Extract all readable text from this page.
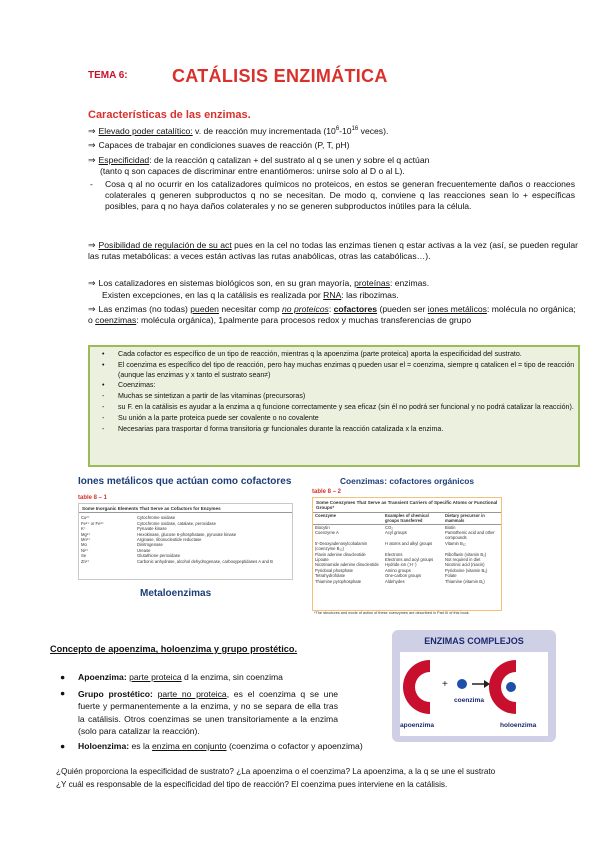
TEMA 6: CATÁLISIS ENZIMÁTICA
Características de las enzimas.
⇒ Elevado poder catalítico: v. de reacción muy incrementada ($10^6-10^{16}$ veces).
⇒ Capaces de trabajar en condiciones suaves de reacción (P, T, pH)
⇒ Especificidad: de la reacción q catalizan + del sustrato al q se unen y sobre el q actúan
(tanto q son capaces de discriminar entre enantiómeros: unirse solo al D o al L).
- Cosa q al no ocurrir en los catalizadores químicos no proteicos, en estos se generan frecuentemente daños o reacciones colaterales q generen subproductos q no se necesitan. De modo q, conviene q las reacciones sean lo + específicas posibles, para q no haya daños colaterales y no se generen subproductos inútiles para la célula.
⇒ Posibilidad de regulación de su act pues en la cel no todas las enzimas tienen q estar activas a la vez (así, se pueden regular las rutas metabólicas: a veces están activas las rutas anabólicas, otras las catabólicas…).
⇒ Los catalizadores en sistemas biológicos son, en su gran mayoría, proteínas: enzimas.
Existen excepciones, en las q la catálisis es realizada por RNA: las ribozimas.
⇒ Las enzimas (no todas) pueden necesitar comp no proteicos: cofactores (pueden ser iones metálicos: molécula no orgánica; o coenzimas: molécula orgánica), 1palmente para procesos redox y muchas transferencias de grupo
• Cada cofactor es específico de un tipo de reacción, mientras q la apoenzima (parte proteica) aporta la especificidad del sustrato.
• El coenzima es específico del tipo de reacción, pero hay muchas enzimas q pueden usar el = coenzima, siempre q catalicen el = tipo de reacción (aunque las enzimas y x tanto el sustrato sean≠)
• Coenzimas:
- Muchas se sintetizan a partir de las vitaminas (precursoras)
- su F. en la catálisis es ayudar a la enzima a q funcione correctamente y sea eficaz (sin él no podrá ser funcional y no podrá catalizar la reacción).
- Su unión a la parte proteica puede ser covalente o no covalente
- Necesarias para trasportar d forma transitoria gr funcionales durante la reacción catalizada x la enzima.
Iones metálicos que actúan como cofactores
table 8 – 1
Some Inorganic Elements That Serve as Cofactors for Enzymes
Cu²⁺	Cytochrome oxidase
Fe²⁺ or Fe³⁺	Cytochrome oxidase, catalase, peroxidase
K⁺	Pyruvate kinase
Mg²⁺	Hexokinase, glucose 6-phosphatase, pyruvate kinase
Mn²⁺	Arginase, ribonucleotide reductase
Mo	Dinitrogenase
Ni²⁺	Urease
Se	Glutathione peroxidase
Zn²⁺	Carbonic anhydrase, alcohol dehydrogenase, carboxypeptidases A and B
Metaloenzimas
Coenzimas: cofactores orgánicos
table 8 – 2
Some Coenzymes That Serve as Transient Carriers of Specific Atoms or Functional Groups*
Coenzyme	Examples of chemical groups transferred	Dietary precursor in mammals
Biocytin	CO₂	Biotin
Coenzyme A	Acyl groups	Pantothenic acid and other compounds
5'-Deoxyadenosylcobalamin (coenzyme B₁₂)	H atoms and alkyl groups	Vitamin B₁₂
Flavin adenine dinucleotide	Electrons	Riboflavin (vitamin B₂)
Lipoate	Electrons and acyl groups	Not required in diet
Nicotinamide adenine dinucleotide	Hydride ion (:H⁻)	Nicotinic acid (niacin)
Pyridoxal phosphate	Amino groups	Pyridoxine (vitamin B₆)
Tetrahydrofolate	One-carbon groups	Folate
Thiamine pyrophosphate	Aldehydes	Thiamine (vitamin B₁)
*The structures and mode of action of these coenzymes are described in Part III of this book.
Concepto de apoenzima, holoenzima y grupo prostético.
● Apoenzima: parte proteica d la enzima, sin coenzima
● Grupo prostético: parte no proteica, es el coenzima q se une fuerte y permanentemente a la enzima, y no se separa de ella tras la catálisis. Otros coenzimas se unen transitoriamente a la enzima (solo para catalizar la reacción).
● Holoenzima: es la enzima en conjunto (coenzima o cofactor y apoenzima)
ENZIMAS COMPLEJOS
+
apoenzima
coenzima
holoenzima
¿Quién proporciona la especificidad de sustrato? ¿La apoenzima o el coenzima? La apoenzima, a la q se une el sustrato
¿Y cuál es responsable de la especificidad del tipo de reacción? El coenzima pues interviene en la catálisis.
